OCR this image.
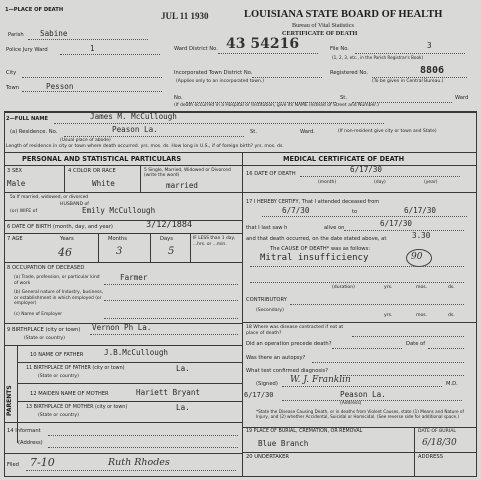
1—PLACE OF DEATH
JUL 11 1930	LOUISIANA STATE BOARD OF HEALTH
Bureau of Vital Statistics
CERTIFICATE OF DEATH
Parish Sabine
Ward District No. 43 54216	File No.	3
(1, 2, 3, etc., in the Parish Registrar's Book)
Police Jury Ward	1
City	Incorporated Town District No.
(Applies only to an incorporated town.)
Registered No.	8806
(To be given in Central Bureau.)
Town	Pesson
No.	St.	Ward
(If death occurred in a Hospital or Institution, give its NAME instead of Street and Number.)
2—FULL NAME	James M. McCullough
(a) Residence. No.	Peason La.	St.	Ward.	(If non-resident give city or town and State)
(Usual place of abode)
Length of residence in city or town where death occurred. yrs. mos. ds. How long in U.S., if of foreign birth? yrs. mos. ds.
PERSONAL AND STATISTICAL PARTICULARS	MEDICAL CERTIFICATE OF DEATH
3 SEX
Male
4 COLOR OR RACE
White
5 Single, Married, Widowed or Divorced (write the word)
married
5a If married, widowed, or divorced
HUSBAND of
(or) WIFE of	Emily McCullough
6 DATE OF BIRTH (month, day, and year)	3/12/1884
7 AGE	Years	Months	Days
46	3	5
IF LESS than 1 day, ...hrs. or ...min.
8 OCCUPATION OF DECEASED
(a) Trade, profession, or particular kind of work
Farmer
(b) General nature of Industry, business, or establishment in which employed (or employer)
(c) Name of Employer
9 BIRTHPLACE (city or town) Vernon Ph La.
(State or country)
PARENTS
10 NAME OF FATHER	J.B.McCullough
11 BIRTHPLACE OF FATHER (city or town)	La.
(State or country)
12 MAIDEN NAME OF MOTHER	Hariett Bryant
13 BIRTHPLACE OF MOTHER (city or town)	La.
(State or country)
14 Informant
(Address)
Filed 7-10	Ruth Rhodes
16 DATE OF DEATH	6/17/30
(month)	(day)	(year)
17 I HEREBY CERTIFY, That I attended deceased from
6/7/30	to	6/17/30
that I last saw h	alive on	6/17/30
and that death occurred, on the date stated above, at	3.30
The CAUSE OF DEATH* was as follows:
Mitral insufficiency	90
(duration)	yrs.	mos.	ds.
CONTRIBUTORY
(Secondary)
yrs.	mos.	ds.
18 Where was disease contracted if not at place of death?
Did an operation precede death?	Date of
Was there an autopsy?
What test confirmed diagnosis?
(Signed) W. J. Franklin	M.D.
6/17/30	Peason La.
(Address)
*State the Disease Causing Death, or in deaths from Violent Causes, state (1) Means and Nature of Injury, and (2) whether Accidental, Suicidal or Homicidal. (See reverse side for additional space.)
19 PLACE OF BURIAL, CREMATION, OR REMOVAL	DATE OF BURIAL
Blue Branch	6/18/30
20 UNDERTAKER	ADDRESS
